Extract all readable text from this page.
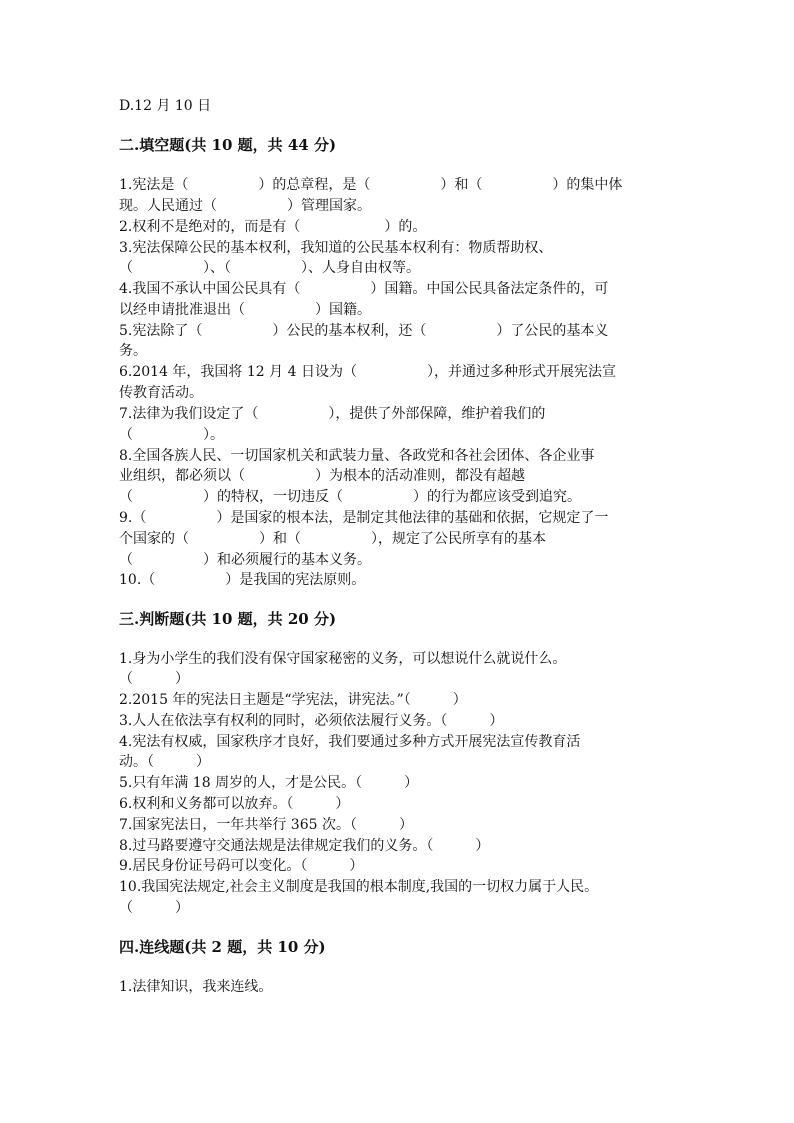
D.12 月 10 日
二.填空题(共 10 题，共 44 分)
1.宪法是（　　　　　）的总章程，是（　　　　　）和（　　　　　）的集中体
现。人民通过（　　　　　）管理国家。
2.权利不是绝对的，而是有（　　　　　　）的。
3.宪法保障公民的基本权利，我知道的公民基本权利有：物质帮助权、
（　　　　　）、（　　　　　）、人身自由权等。
4.我国不承认中国公民具有（　　　　　）国籍。中国公民具备法定条件的，可
以经申请批准退出（　　　　　）国籍。
5.宪法除了（　　　　　）公民的基本权利，还（　　　　　）了公民的基本义
务。
6.2014 年，我国将 12 月 4 日设为（　　　　　），并通过多种形式开展宪法宣
传教育活动。
7.法律为我们设定了（　　　　　），提供了外部保障，维护着我们的
（　　　　　）。
8.全国各族人民、一切国家机关和武装力量、各政党和各社会团体、各企业事
业组织，都必须以（　　　　　）为根本的活动准则，都没有超越
（　　　　　）的特权，一切违反（　　　　　）的行为都应该受到追究。
9.（　　　　　）是国家的根本法，是制定其他法律的基础和依据，它规定了一
个国家的（　　　　　）和（　　　　　），规定了公民所享有的基本
（　　　　　）和必须履行的基本义务。
10.（　　　　　）是我国的宪法原则。
三.判断题(共 10 题，共 20 分)
1.身为小学生的我们没有保守国家秘密的义务，可以想说什么就说什么。
（　　　）
2.2015 年的宪法日主题是“学宪法，讲宪法。”（　　　）
3.人人在依法享有权利的同时，必须依法履行义务。（　　　）
4.宪法有权威，国家秩序才良好，我们要通过多种方式开展宪法宣传教育活
动。（　　　）
5.只有年满 18 周岁的人，才是公民。（　　　）
6.权利和义务都可以放弃。（　　　）
7.国家宪法日，一年共举行 365 次。（　　　）
8.过马路要遵守交通法规是法律规定我们的义务。（　　　）
9.居民身份证号码可以变化。（　　　）
10.我国宪法规定,社会主义制度是我国的根本制度,我国的一切权力属于人民。
（　　　）
四.连线题(共 2 题，共 10 分)
1.法律知识，我来连线。
